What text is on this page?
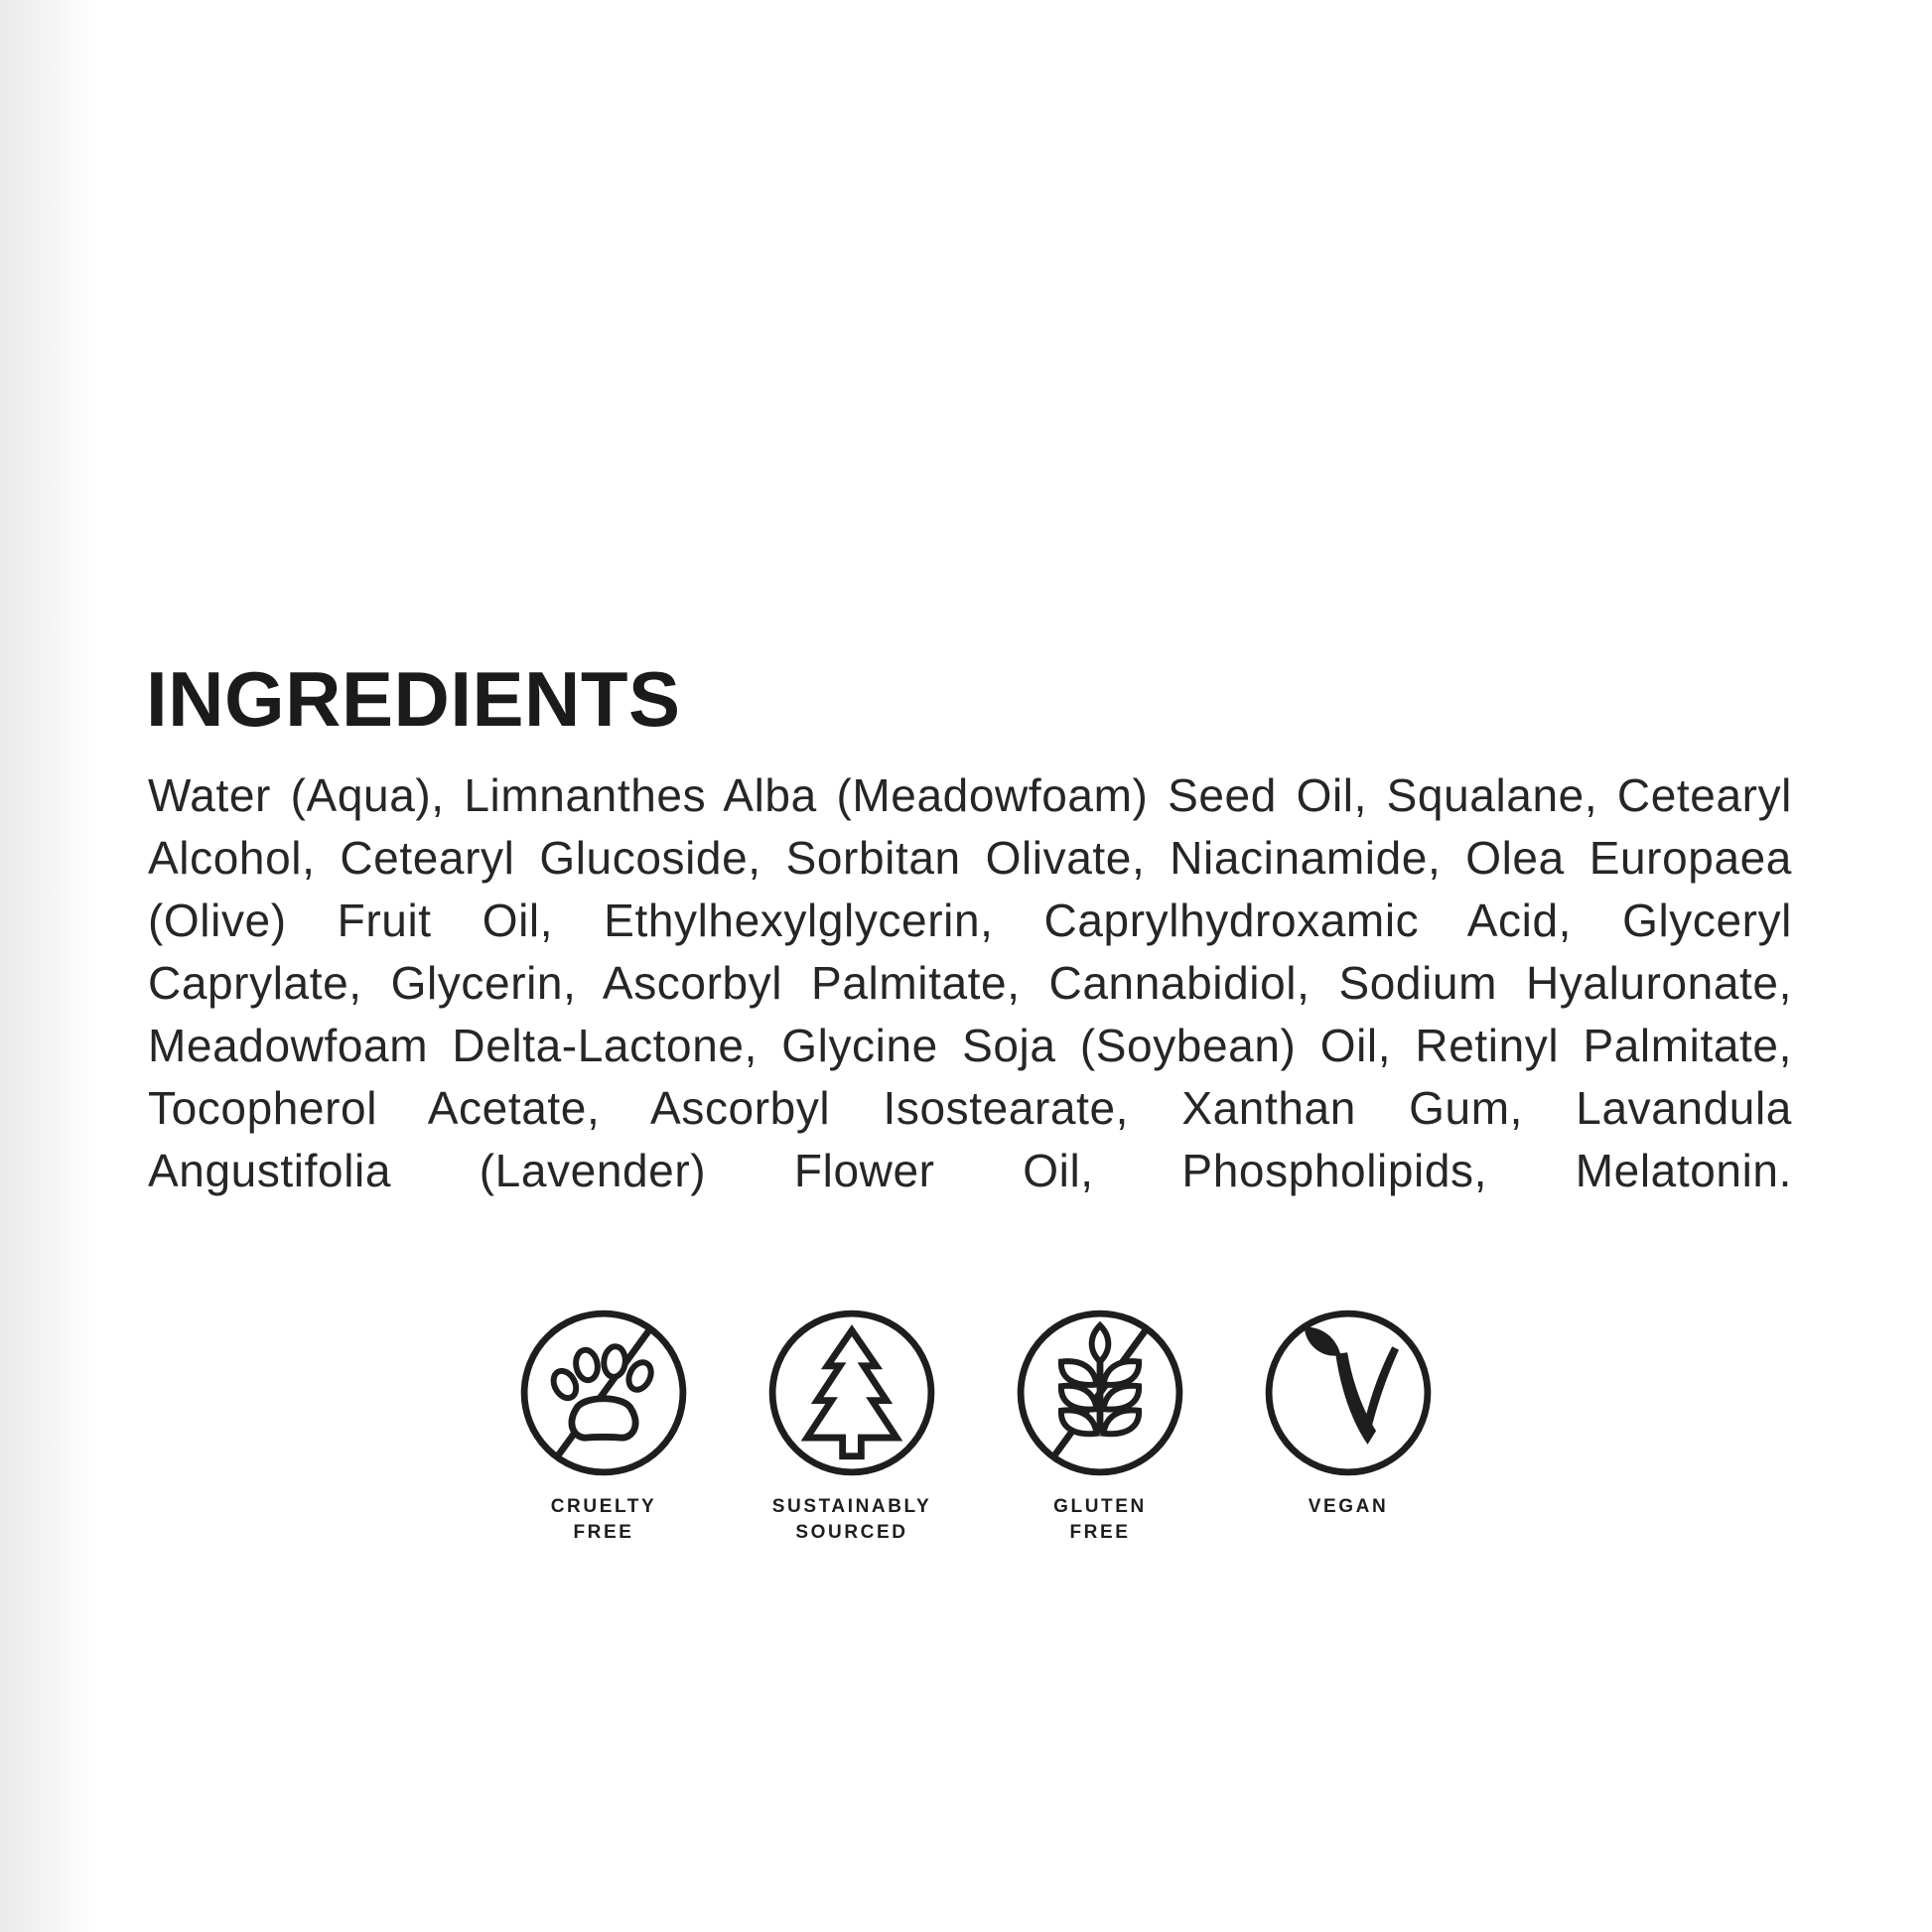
INGREDIENTS

Water (Aqua), Limnanthes Alba (Meadowfoam) Seed Oil, Squalane, Cetearyl Alcohol, Cetearyl Glucoside, Sorbitan Olivate, Niacinamide, Olea Europaea (Olive) Fruit Oil, Ethylhexylglycerin, Caprylhydroxamic Acid, Glyceryl Caprylate, Glycerin, Ascorbyl Palmitate, Cannabidiol, Sodium Hyaluronate, Meadowfoam Delta-Lactone, Glycine Soja (Soybean) Oil, Retinyl Palmitate, Tocopherol Acetate, Ascorbyl Isostearate, Xanthan Gum, Lavandula Angustifolia (Lavender) Flower Oil, Phospholipids, Melatonin.

CRUELTY
FREE
SUSTAINABLY
SOURCED
GLUTEN
FREE
VEGAN
